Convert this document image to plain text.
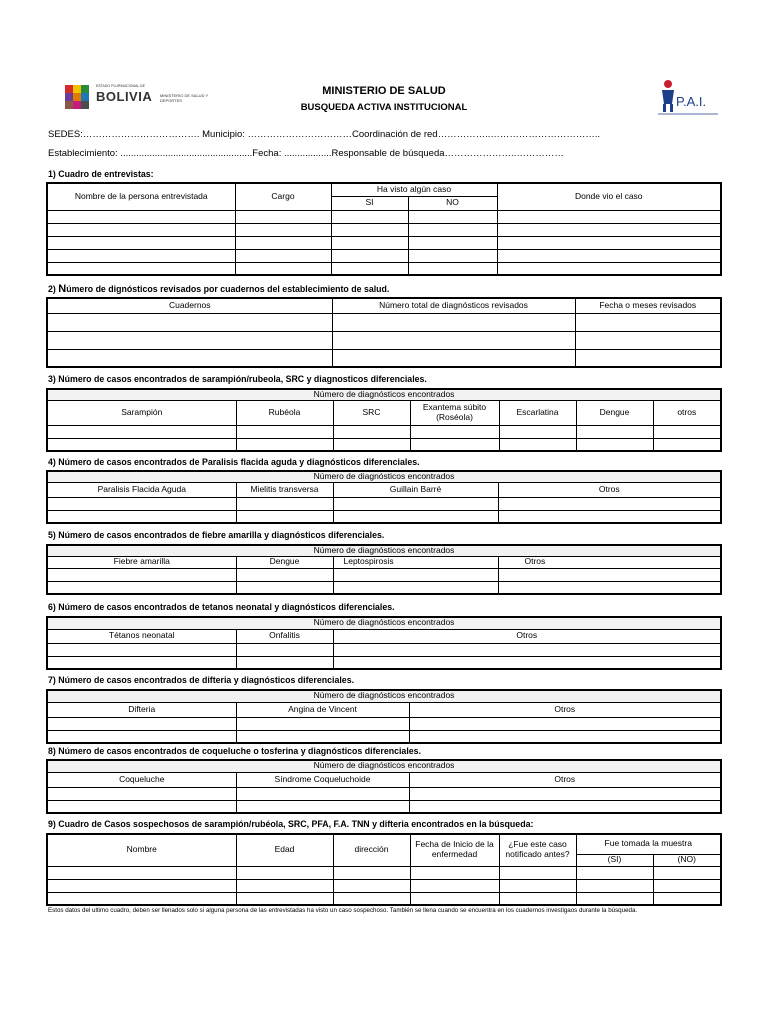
ESTADO PLURINACIONAL DE
BOLIVIA MINISTERIO DE SALUD Y DEPORTES	P.A.I.
MINISTERIO DE SALUD
BUSQUEDA ACTIVA INSTITUCIONAL
SEDES:………………………………. Municipio: ……………………………Coordinación de red……………..……………………………..
Establecimiento: ..................................................Fecha: ..................Responsable de búsqueda…………………..……………
1) Cuadro de entrevistas:
Nombre de la persona entrevistada	Cargo	Ha visto algún caso		Donde vio el caso
		SI	NO	

2) Número de dignósticos revisados por cuadernos del establecimiento de salud.
Cuadernos	Número total de diagnósticos revisados	Fecha o meses revisados

3) Número de casos encontrados de sarampión/rubeola, SRC y diagnosticos diferenciales.
Número de diagnósticos encontrados						
Sarampión	Rubéola	SRC	Exantema súbito (Roséola)	Escarlatina	Dengue	otros

4) Número de casos encontrados de Paralisis flacida aguda y diagnósticos diferenciales.
Número de diagnósticos encontrados			
Paralisis Flacida Aguda	Mielitis transversa	Guillain Barré	Otros

5) Número de casos encontrados de fiebre amarilla y diagnósticos diferenciales.
Número de diagnósticos encontrados			
Fiebre amarilla	Dengue	Leptospirosis	Otros

6) Número de casos encontrados de tetanos neonatal y diagnósticos diferenciales.
Número de diagnósticos encontrados		
Tétanos neonatal	Onfalitis	Otros

7) Número de casos encontrados de difteria y diagnósticos diferenciales.
Número de diagnósticos encontrados		
Difteria	Angina de Vincent	Otros

8) Número de casos encontrados de coqueluche o tosferina y diagnósticos diferenciales.
Número de diagnósticos encontrados		
Coqueluche	Síndrome Coqueluchoide	Otros

9) Cuadro de Casos sospechosos de sarampión/rubéola, SRC, PFA, F.A. TNN y difteria encontrados en la búsqueda:
Nombre	Edad	dirección	Fecha de Inicio de la enfermedad	¿Fue este caso notificado antes?	Fue tomada la muestra	
					(SI)	(NO)

Estos datos del ultimo cuadro, deben ser llenados solo si alguna persona de las entrevistadas ha visto un caso sospechoso. También se llena cuando se encuentra en los cuadernos investigaos durante la búsqueda.
